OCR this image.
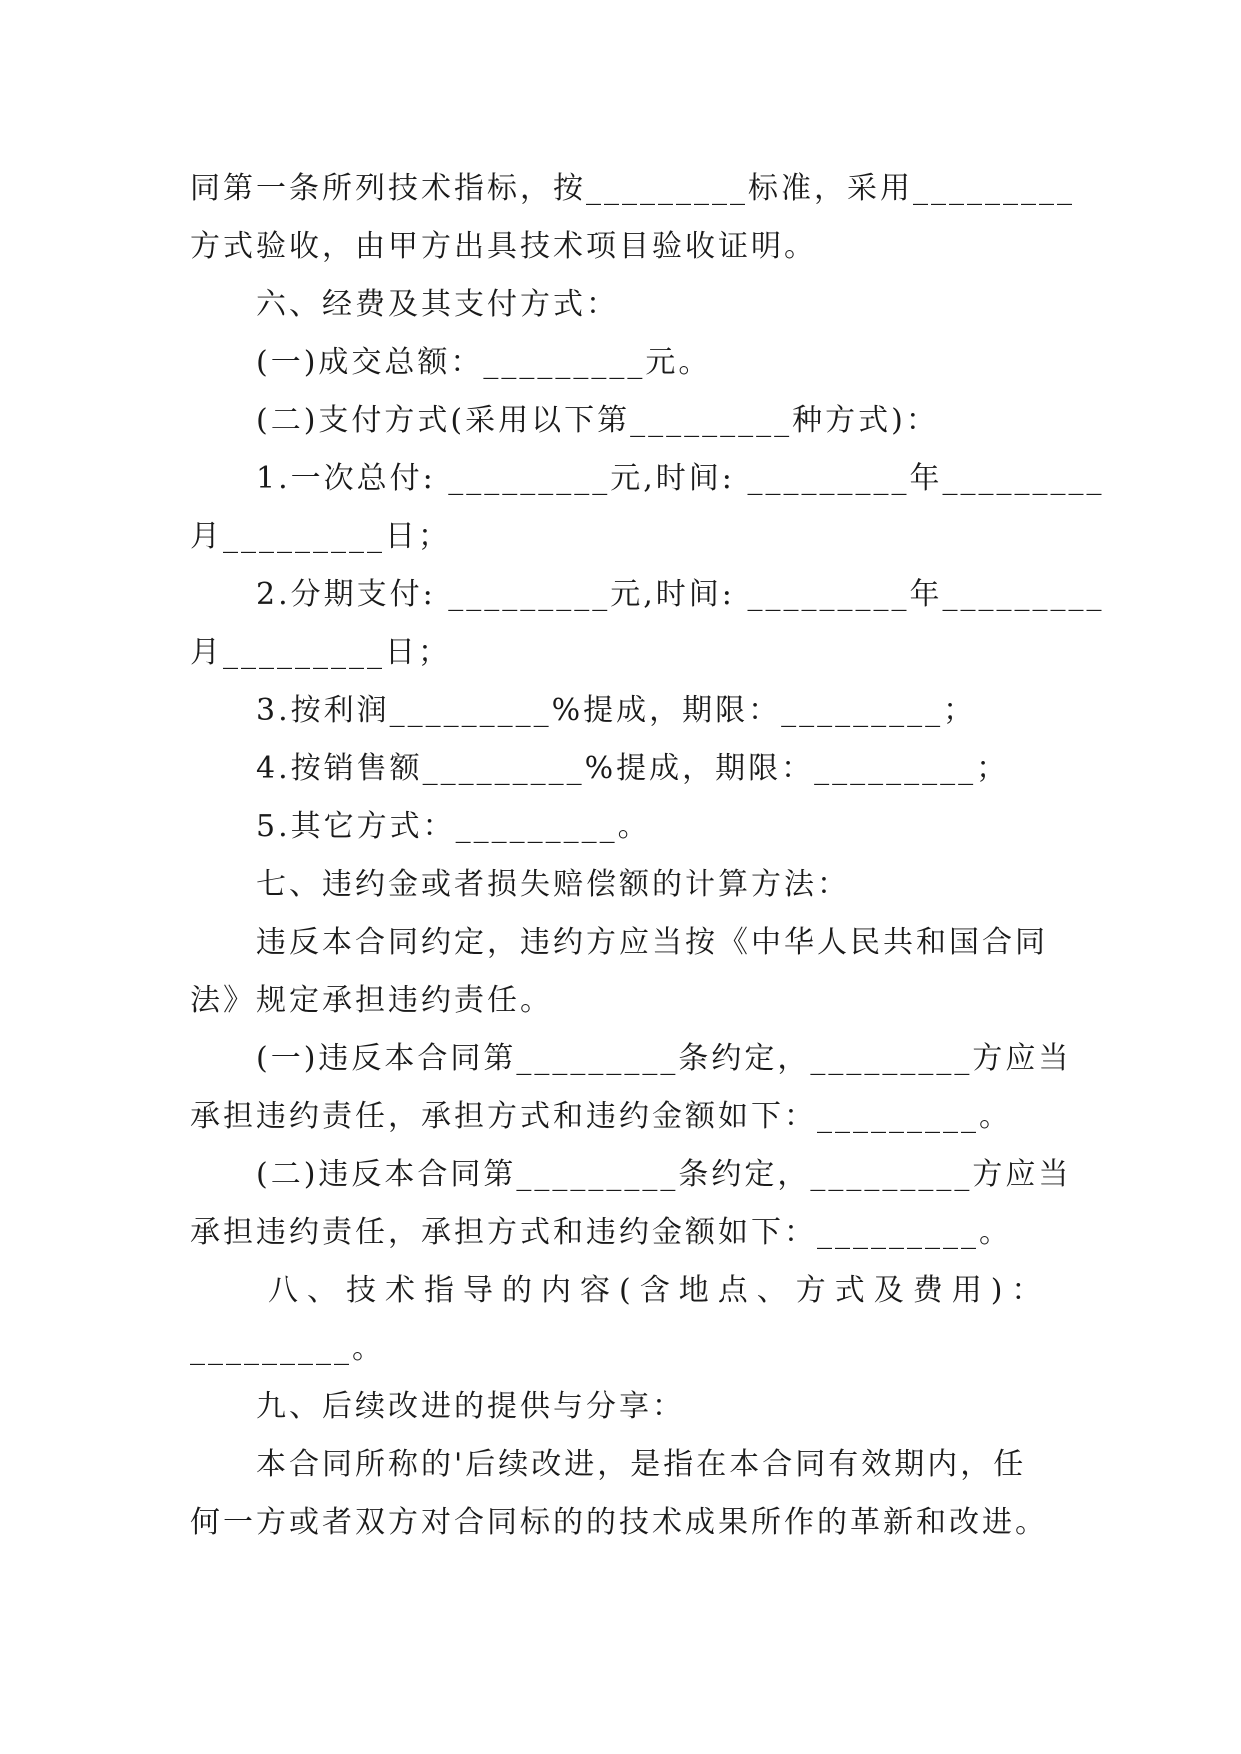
同第一条所列技术指标，按_________标准，采用_________
方式验收，由甲方出具技术项目验收证明。
六、经费及其支付方式：
(一)成交总额：_________元。
(二)支付方式(采用以下第_________种方式)：
1.一次总付: _________元,时间: _________年_________
月_________日；
2.分期支付: _________元,时间: _________年_________
月_________日；
3.按利润_________%提成，期限：_________；
4.按销售额_________%提成，期限：_________；
5.其它方式：_________。
七、违约金或者损失赔偿额的计算方法：
违反本合同约定，违约方应当按《中华人民共和国合同
法》规定承担违约责任。
(一)违反本合同第_________条约定，_________方应当
承担违约责任，承担方式和违约金额如下：_________。
(二)违反本合同第_________条约定，_________方应当
承担违约责任，承担方式和违约金额如下：_________。
八、技术指导的内容(含地点、方式及费用)：
_________。
九、后续改进的提供与分享：
本合同所称的'后续改进，是指在本合同有效期内，任
何一方或者双方对合同标的的技术成果所作的革新和改进。
